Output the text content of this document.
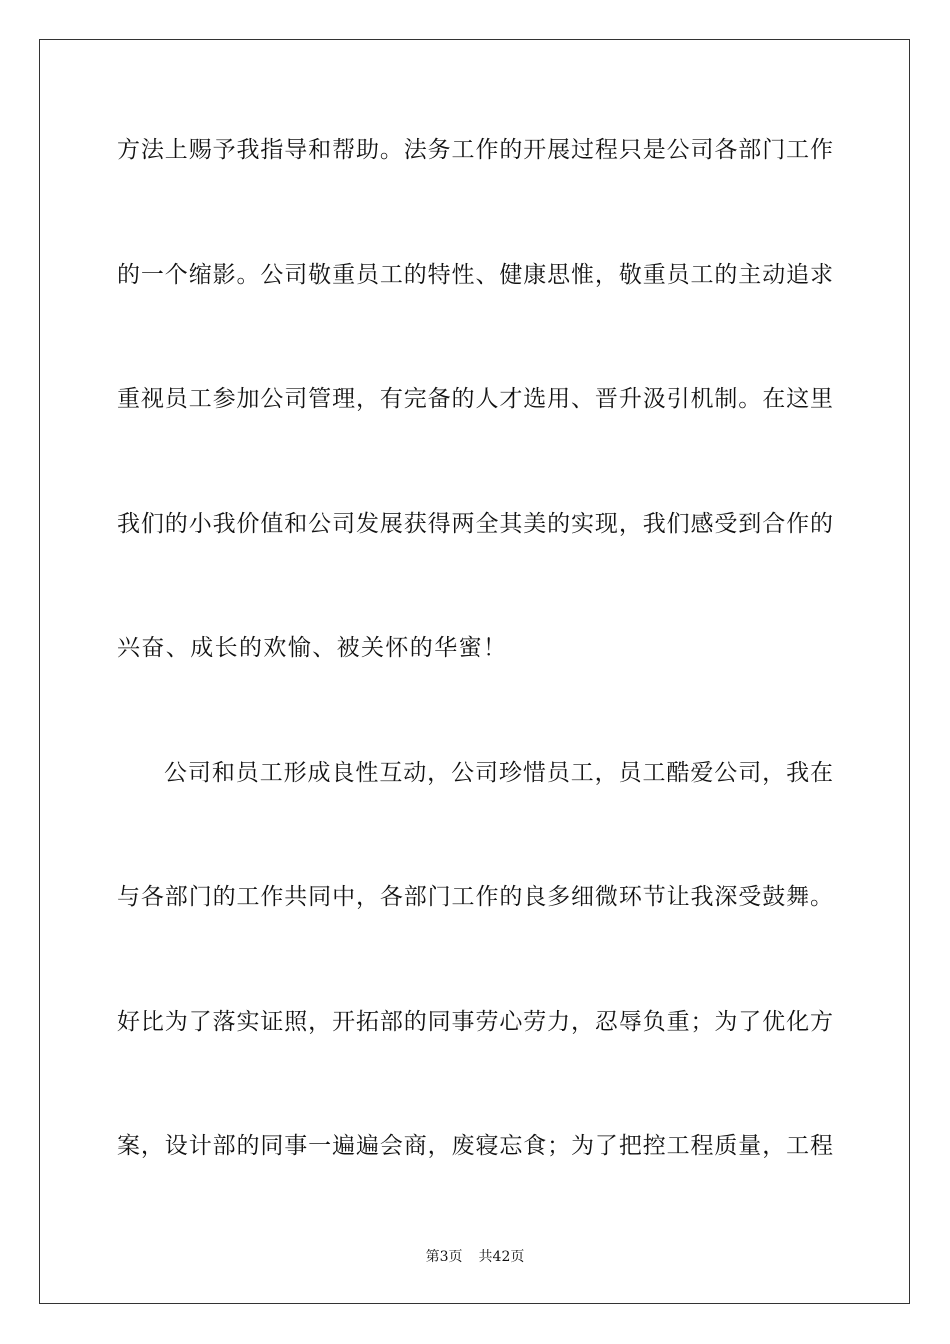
方法上赐予我指导和帮助。法务工作的开展过程只是公司各部门工作
的一个缩影。公司敬重员工的特性、健康思惟，敬重员工的主动追求
重视员工参加公司管理，有完备的人才选用、晋升汲引机制。在这里
我们的小我价值和公司发展获得两全其美的实现，我们感受到合作的
兴奋、成长的欢愉、被关怀的华蜜！
公司和员工形成良性互动，公司珍惜员工，员工酷爱公司，我在
与各部门的工作共同中，各部门工作的良多细微环节让我深受鼓舞。
好比为了落实证照，开拓部的同事劳心劳力，忍辱负重；为了优化方
案，设计部的同事一遍遍会商，废寝忘食；为了把控工程质量，工程
第3页 共42页
